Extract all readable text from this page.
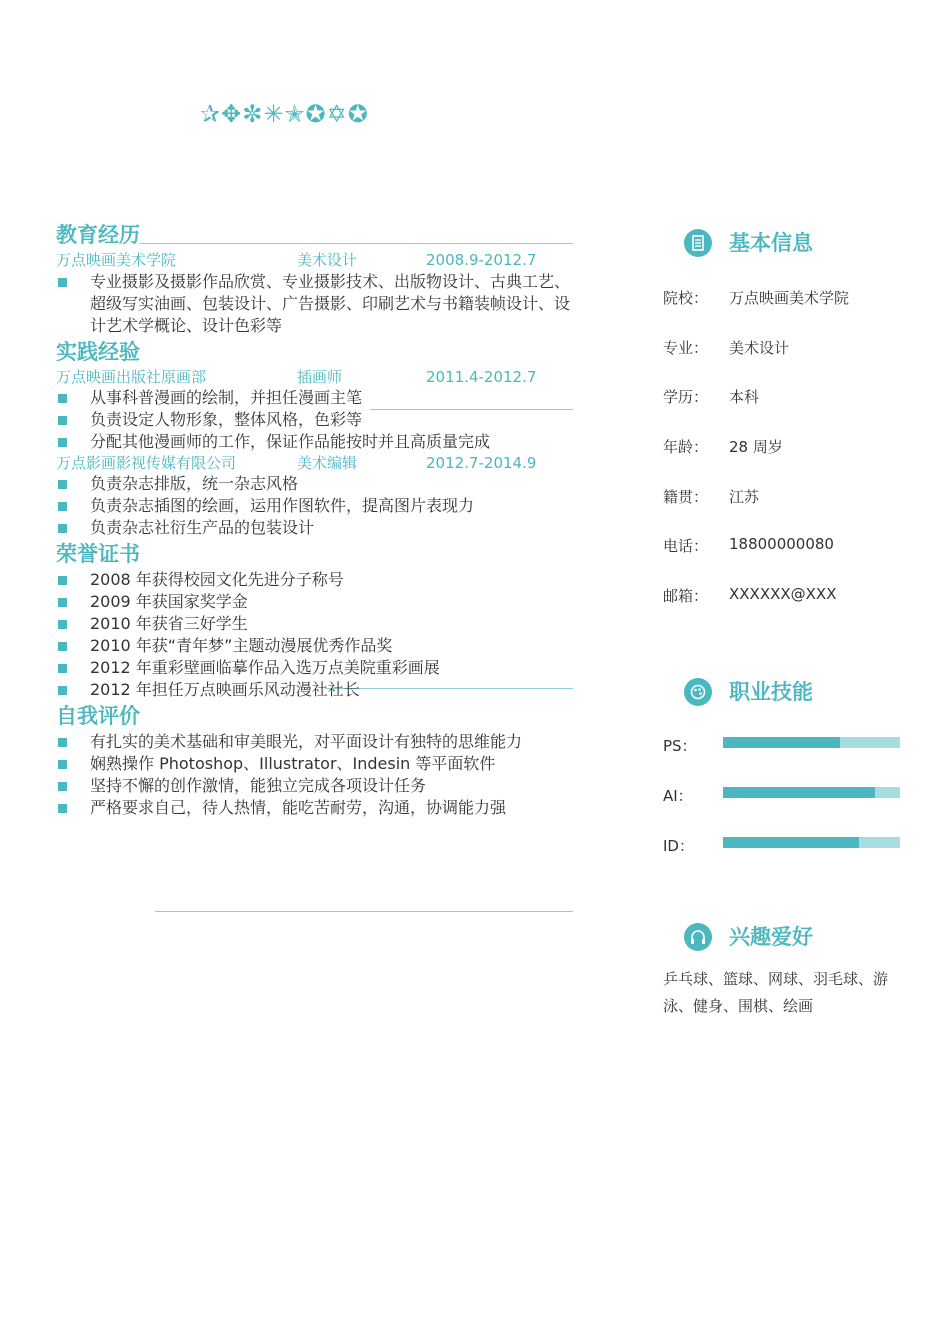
✰✥✼✳✭✪✡✪
教育经历
万点映画美术学院	美术设计	2008.9-2012.7
专业摄影及摄影作品欣赏、专业摄影技术、出版物设计、古典工艺、超级写实油画、包装设计、广告摄影、印刷艺术与书籍装帧设计、设计艺术学概论、设计色彩等
实践经验
万点映画出版社原画部	插画师	2011.4-2012.7
从事科普漫画的绘制，并担任漫画主笔
负责设定人物形象，整体风格，色彩等
分配其他漫画师的工作，保证作品能按时并且高质量完成
万点影画影视传媒有限公司	美术编辑	2012.7-2014.9
负责杂志排版，统一杂志风格
负责杂志插图的绘画，运用作图软件，提高图片表现力
负责杂志社衍生产品的包装设计
荣誉证书
2008 年获得校园文化先进分子称号
2009 年获国家奖学金
2010 年获省三好学生
2010 年获“青年梦”主题动漫展优秀作品奖
2012 年重彩壁画临摹作品入选万点美院重彩画展
2012 年担任万点映画乐风动漫社社长
自我评价
有扎实的美术基础和审美眼光，对平面设计有独特的思维能力
娴熟操作 Photoshop、Illustrator、Indesin 等平面软件
坚持不懈的创作激情，能独立完成各项设计任务
严格要求自己，待人热情，能吃苦耐劳，沟通，协调能力强
基本信息
院校： 万点映画美术学院
专业： 美术设计
学历： 本科
年龄： 28 周岁
籍贯： 江苏
电话： 18800000080
邮箱： XXXXXX@XXX
职业技能
PS：
AI：
ID：
兴趣爱好
乒乓球、篮球、网球、羽毛球、游泳、健身、围棋、绘画
